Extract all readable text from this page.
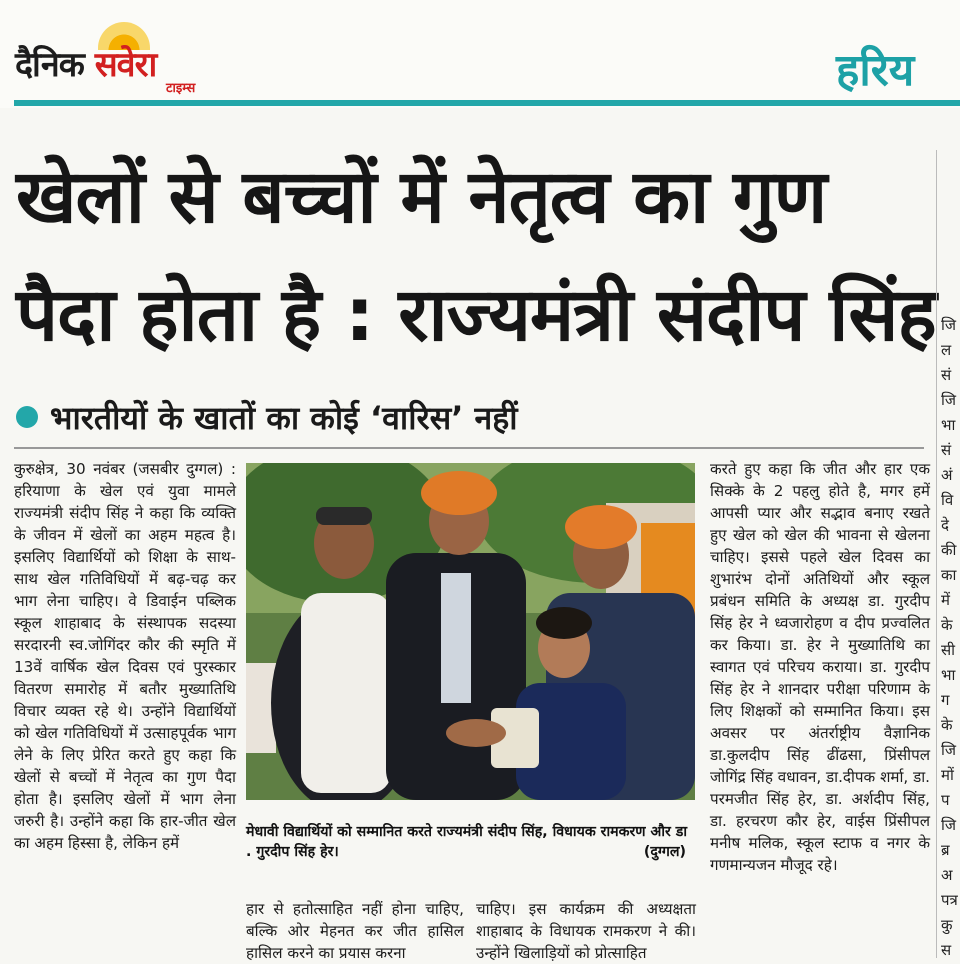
दैनिक सवेरा
टाइम्स	हरिय
खेलों से बच्चों में नेतृत्व का गुण
पैदा होता है : राज्यमंत्री संदीप सिंह
भारतीयों के खातों का कोई ‘वारिस’ नहीं
कुरुक्षेत्र, 30 नवंबर (जसबीर दुग्गल) : हरियाणा के खेल एवं युवा मामले राज्यमंत्री संदीप सिंह ने कहा कि व्यक्ति के जीवन में खेलों का अहम महत्व है। इसलिए विद्यार्थियों को शिक्षा के साथ-साथ खेल गतिविधियों में बढ़-चढ़ कर भाग लेना चाहिए। वे डिवाईन पब्लिक स्कूल शाहाबाद के संस्थापक सदस्या सरदारनी स्व.जोगिंदर कौर की स्मृति में 13वें वार्षिक खेल दिवस एवं पुरस्कार वितरण समारोह में बतौर मुख्यातिथि विचार व्यक्त रहे थे। उन्होंने विद्यार्थियों को खेल गतिविधियों में उत्साहपूर्वक भाग लेने के लिए प्रेरित करते हुए कहा कि खेलों से बच्चों में नेतृत्व का गुण पैदा होता है। इसलिए खेलों में भाग लेना जरुरी है। उन्होंने कहा कि हार-जीत खेल का अहम हिस्सा है, लेकिन हमें
मेधावी विद्यार्थियों को सम्मानित करते राज्यमंत्री संदीप सिंह, विधायक रामकरण और डा . गुरदीप सिंह हेर।	(दुग्गल)
हार से हतोत्साहित नहीं होना चाहिए, बल्कि ओर मेहनत कर जीत हासिल हासिल करने का प्रयास करना
चाहिए। इस कार्यक्रम की अध्यक्षता शाहाबाद के विधायक रामकरण ने की। उन्होंने खिलाड़ियों को प्रोत्साहित
करते हुए कहा कि जीत और हार एक सिक्के के 2 पहलु होते है, मगर हमें आपसी प्यार और सद्भाव बनाए रखते हुए खेल को खेल की भावना से खेलना चाहिए। इससे पहले खेल दिवस का शुभारंभ दोनों अतिथियों और स्कूल प्रबंधन समिति के अध्यक्ष डा. गुरदीप सिंह हेर ने ध्वजारोहण व दीप प्रज्वलित कर किया। डा. हेर ने मुख्यातिथि का स्वागत एवं परिचय कराया। डा. गुरदीप सिंह हेर ने शानदार परीक्षा परिणाम के लिए शिक्षकों को सम्मानित किया। इस अवसर पर अंतर्राष्ट्रीय वैज्ञानिक डा.कुलदीप सिंह ढींढसा, प्रिंसीपल जोगिंद्र सिंह वधावन, डा.दीपक शर्मा, डा. परमजीत सिंह हेर, डा. अर्शदीप सिंह, डा. हरचरण कौर हेर, वाईस प्रिंसीपल मनीष मलिक, स्कूल स्टाफ व नगर के गणमान्यजन मौजूद रहे।
जि
ल
सं
जि
भा
सं
अं
वि
दे
की
का
में
के
सी
भा
ग
के
जि
मों
प
जि
ब्र
अ
पत्र
कु
स
